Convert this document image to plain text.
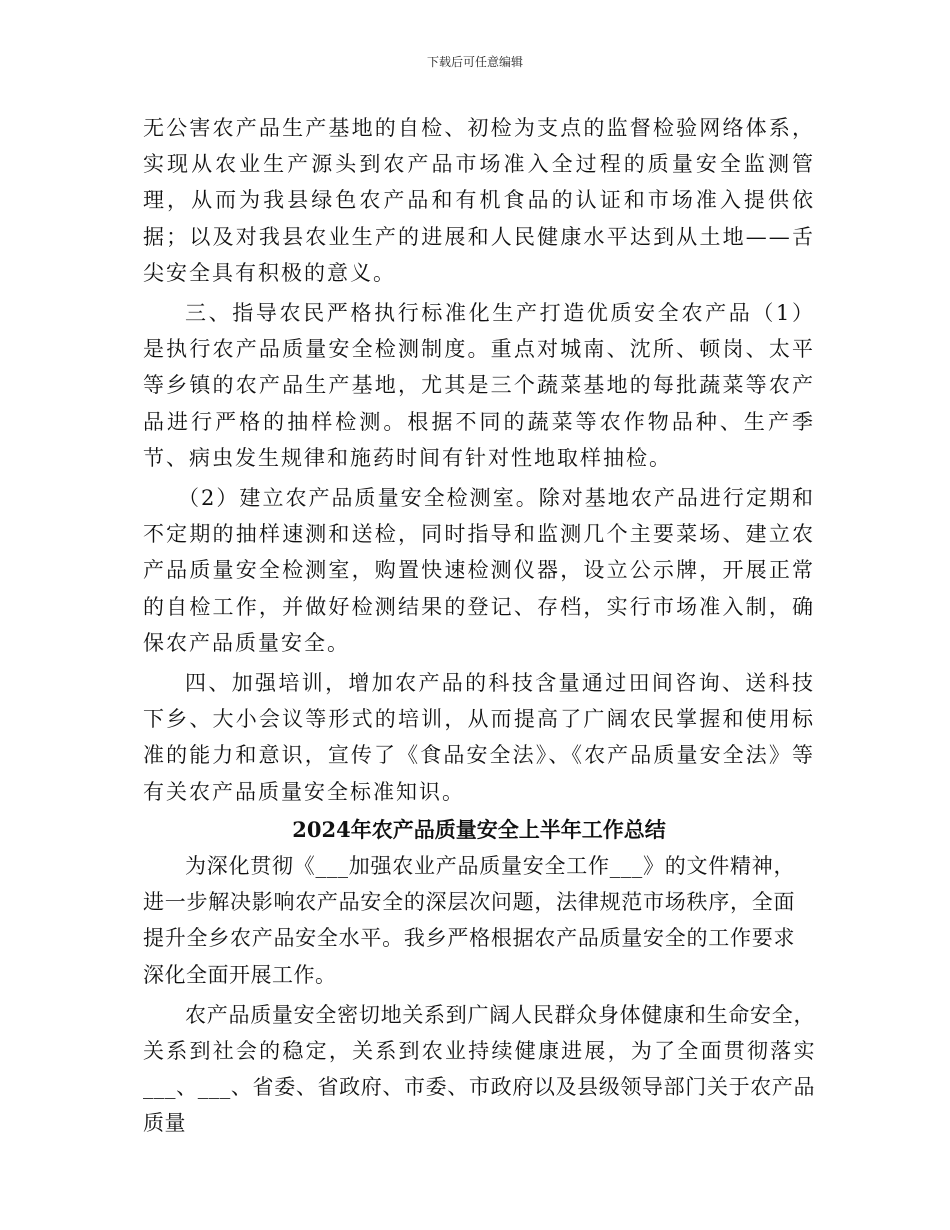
下载后可任意编辑

无公害农产品生产基地的自检、初检为支点的监督检验网络体系，实现从农业生产源头到农产品市场准入全过程的质量安全监测管理，从而为我县绿色农产品和有机食品的认证和市场准入提供依据；以及对我县农业生产的进展和人民健康水平达到从土地——舌尖安全具有积极的意义。

三、指导农民严格执行标准化生产打造优质安全农产品（1）是执行农产品质量安全检测制度。重点对城南、沈所、顿岗、太平等乡镇的农产品生产基地，尤其是三个蔬菜基地的每批蔬菜等农产品进行严格的抽样检测。根据不同的蔬菜等农作物品种、生产季节、病虫发生规律和施药时间有针对性地取样抽检。

（2）建立农产品质量安全检测室。除对基地农产品进行定期和不定期的抽样速测和送检，同时指导和监测几个主要菜场、建立农产品质量安全检测室，购置快速检测仪器，设立公示牌，开展正常的自检工作，并做好检测结果的登记、存档，实行市场准入制，确保农产品质量安全。

四、加强培训，增加农产品的科技含量通过田间咨询、送科技下乡、大小会议等形式的培训，从而提高了广阔农民掌握和使用标准的能力和意识，宣传了《食品安全法》、《农产品质量安全法》等有关农产品质量安全标准知识。

2024年农产品质量安全上半年工作总结

为深化贯彻《___加强农业产品质量安全工作___》的文件精神，进一步解决影响农产品安全的深层次问题，法律规范市场秩序，全面提升全乡农产品安全水平。我乡严格根据农产品质量安全的工作要求深化全面开展工作。

农产品质量安全密切地关系到广阔人民群众身体健康和生命安全，关系到社会的稳定，关系到农业持续健康进展，为了全面贯彻落实___、___、省委、省政府、市委、市政府以及县级领导部门关于农产品质量
